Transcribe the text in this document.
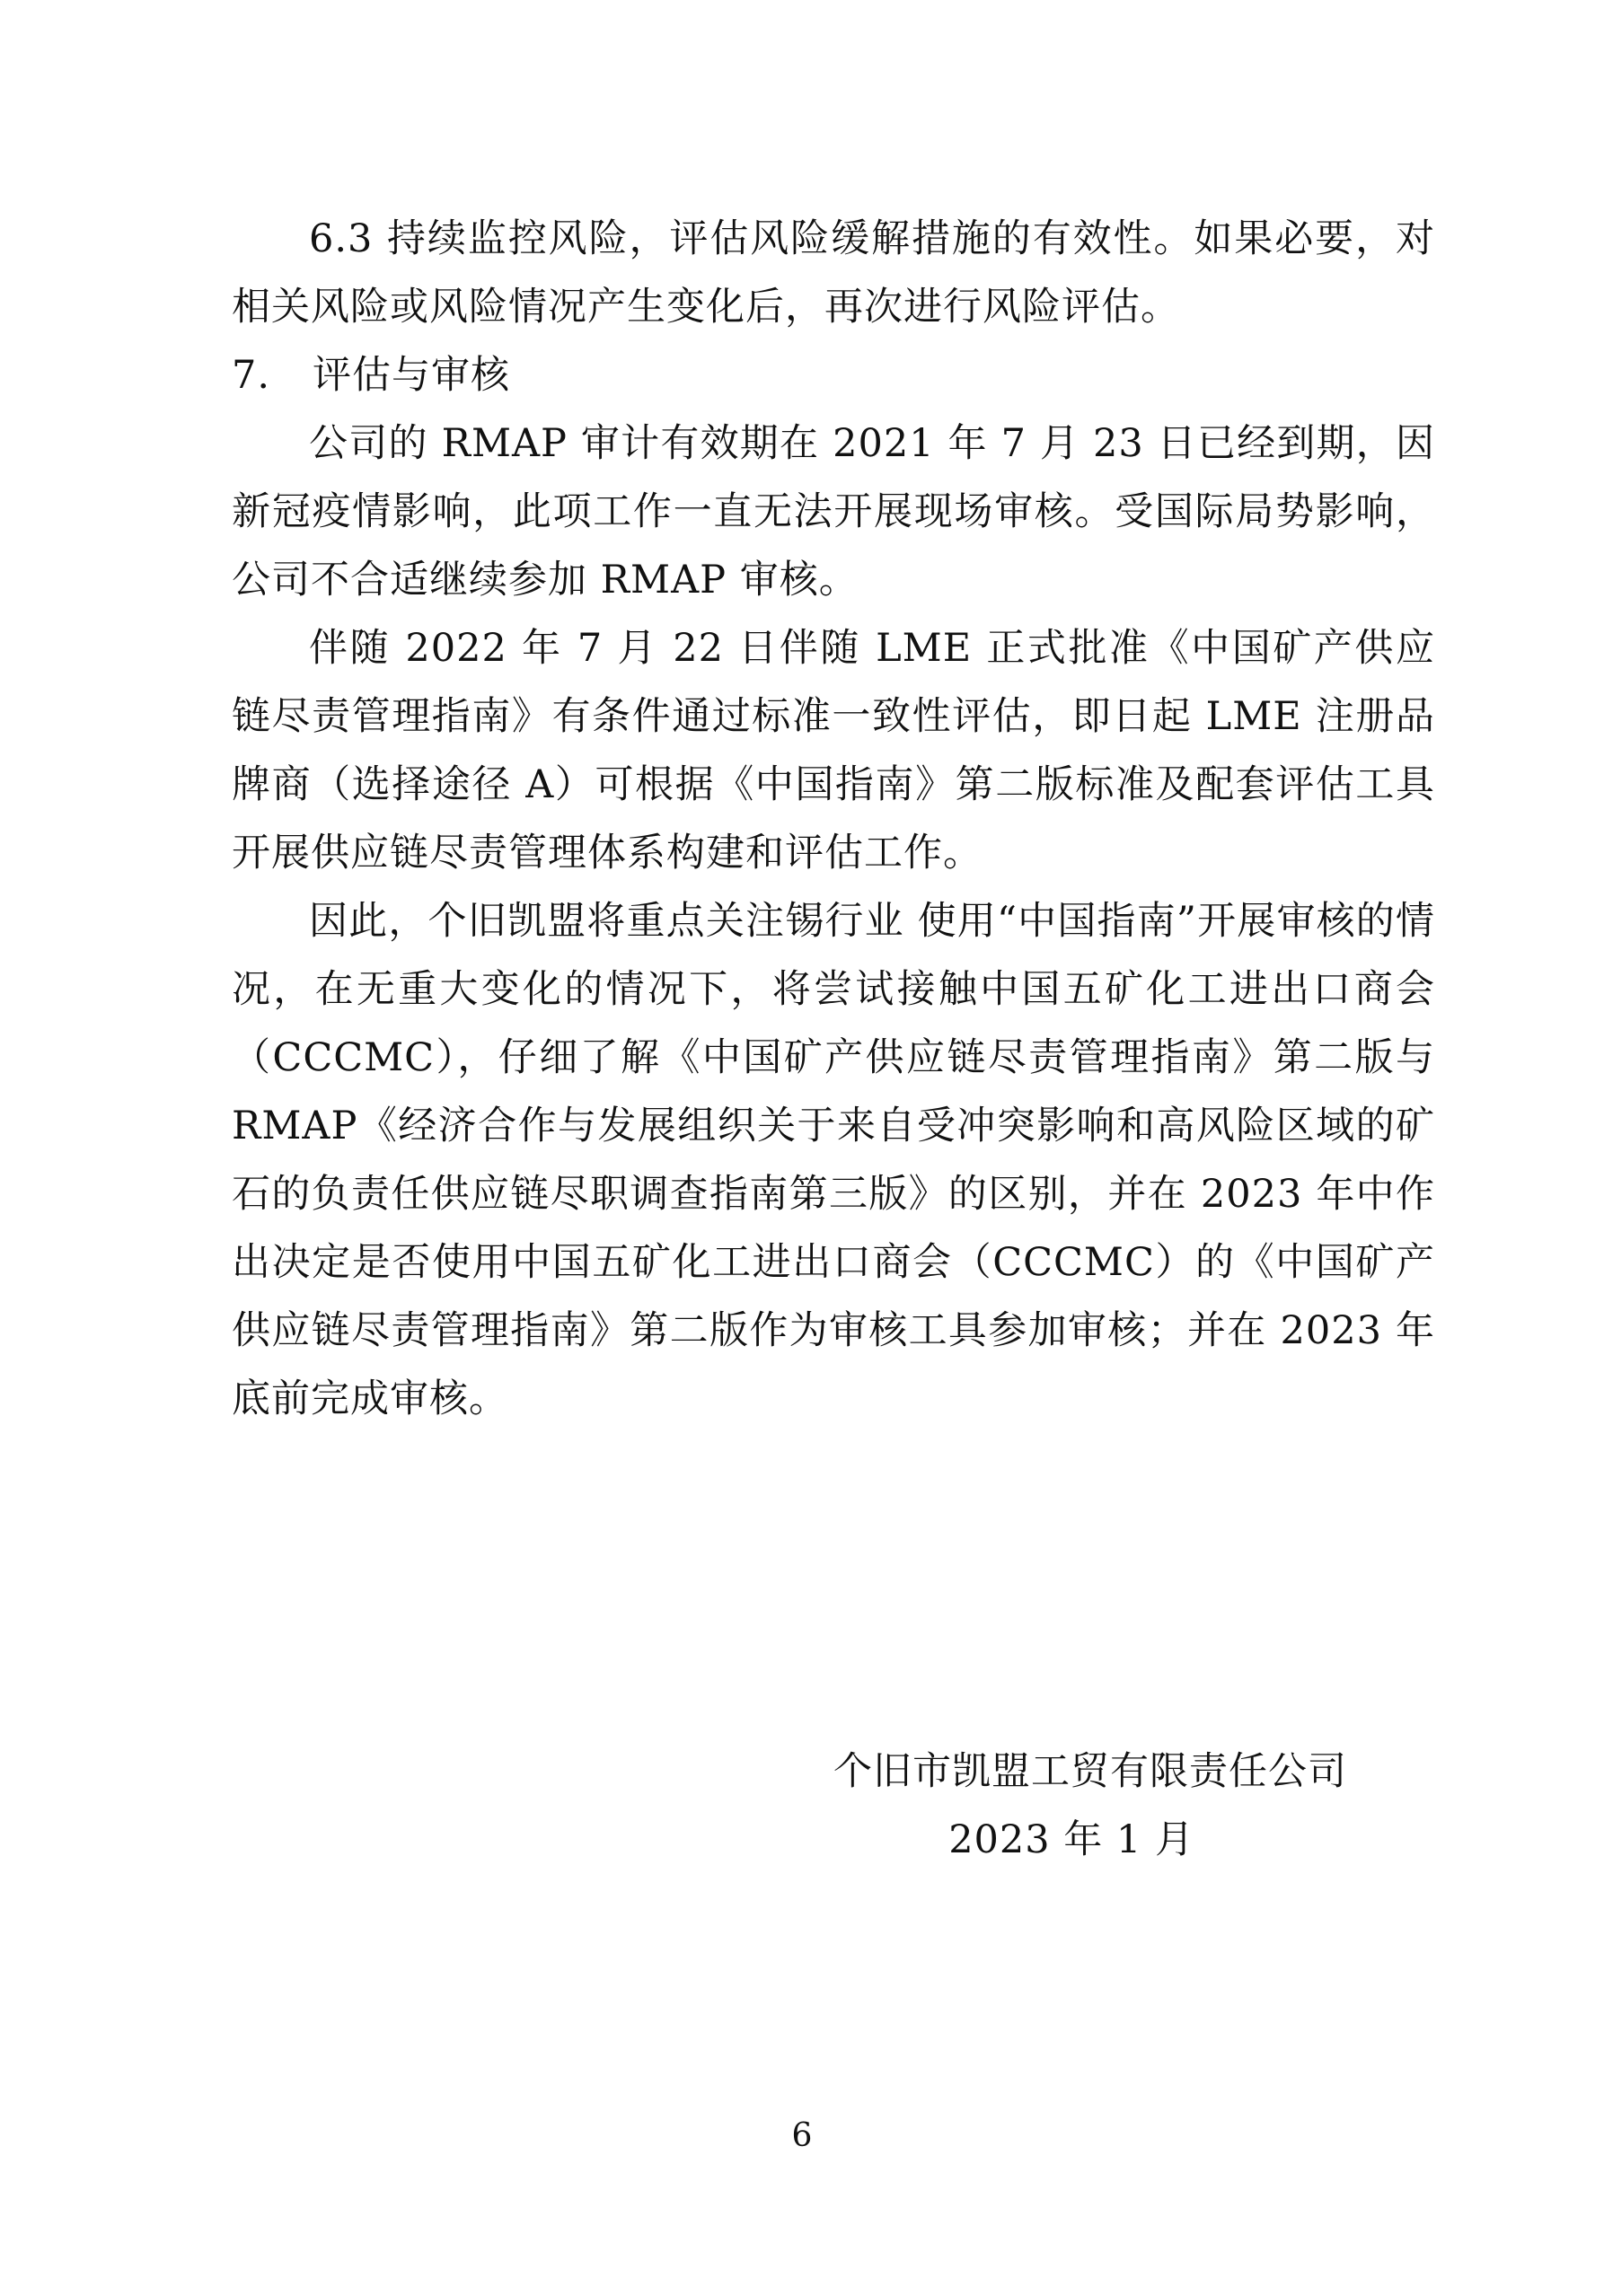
6.3 持续监控风险，评估风险缓解措施的有效性。如果必要，对相关风险或风险情况产生变化后，再次进行风险评估。

7. 评估与审核

公司的 RMAP 审计有效期在 2021 年 7 月 23 日已经到期，因新冠疫情影响，此项工作一直无法开展现场审核。受国际局势影响，公司不合适继续参加 RMAP 审核。

伴随 2022 年 7 月 22 日伴随 LME 正式批准《中国矿产供应链尽责管理指南》有条件通过标准一致性评估，即日起 LME 注册品牌商（选择途径 A）可根据《中国指南》第二版标准及配套评估工具开展供应链尽责管理体系构建和评估工作。

因此，个旧凯盟将重点关注锡行业 使用“中国指南”开展审核的情况，在无重大变化的情况下，将尝试接触中国五矿化工进出口商会（CCCMC），仔细了解《中国矿产供应链尽责管理指南》第二版与 RMAP《经济合作与发展组织关于来自受冲突影响和高风险区域的矿石的负责任供应链尽职调查指南第三版》的区别，并在 2023 年中作出决定是否使用中国五矿化工进出口商会（CCCMC）的《中国矿产供应链尽责管理指南》第二版作为审核工具参加审核；并在 2023 年底前完成审核。

个旧市凯盟工贸有限责任公司
2023 年 1 月
6
